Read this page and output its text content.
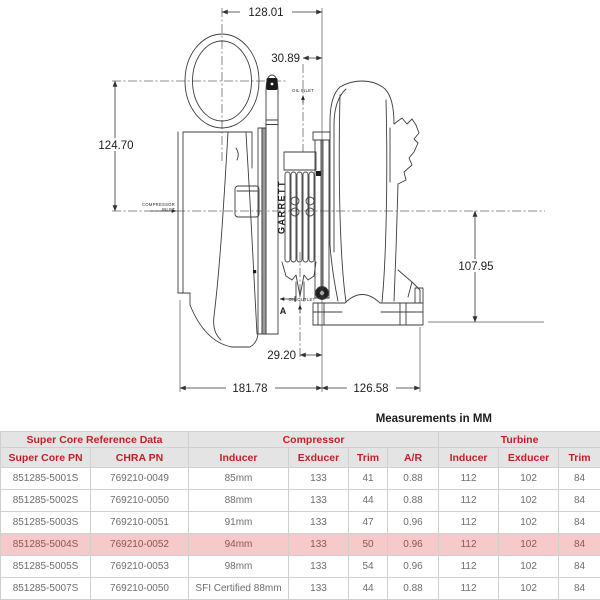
GARRETT
128.01
30.89
124.70
107.95
29.20
181.78	126.58
COMPRESSOR
INLET
OIL INLET
OIL OUTLET
A
Measurements in MM
Super Core Reference Data		Compressor				Turbine		
Super Core PN	CHRA PN	Inducer	Exducer	Trim	A/R	Inducer	Exducer	Trim
851285-5001S	769210-0049	85mm	133	41	0.88	112	102	84
851285-5002S	769210-0050	88mm	133	44	0.88	112	102	84
851285-5003S	769210-0051	91mm	133	47	0.96	112	102	84
851285-5004S	769210-0052	94mm	133	50	0.96	112	102	84
851285-5005S	769210-0053	98mm	133	54	0.96	112	102	84
851285-5007S	769210-0050	SFI Certified 88mm	133	44	0.88	112	102	84
